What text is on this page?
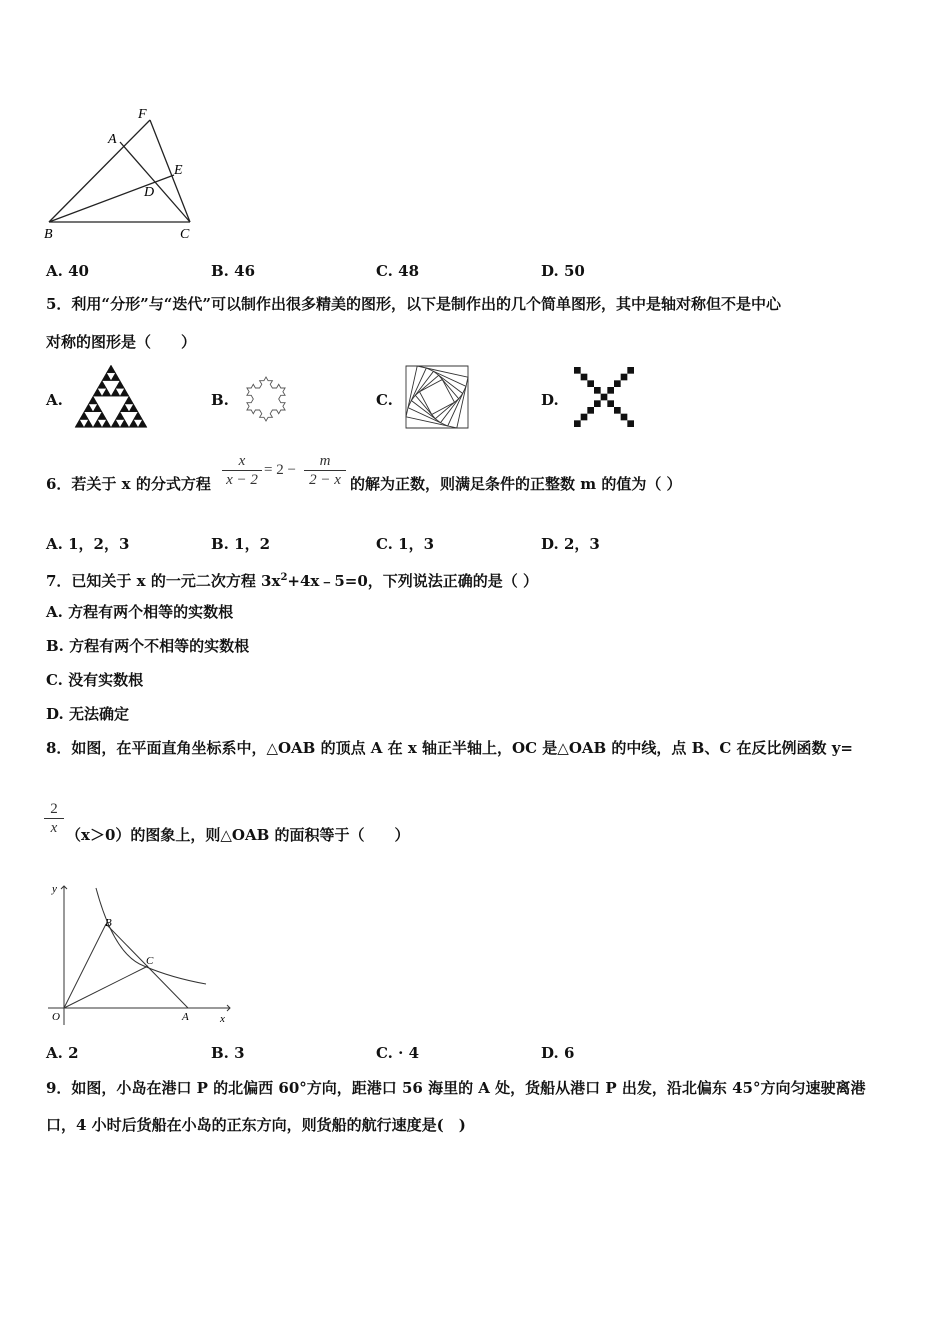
F
A
E
D
B	C
A. 40	B. 46	C. 48	D. 50
5．利用“分形”与“迭代”可以制作出很多精美的图形，以下是制作出的几个简单图形，其中是轴对称但不是中心
对称的图形是（　　）
A.	B.	C.	D.
6．若关于 x 的分式方程
x
x − 2
= 2 −
m
2 − x 的解为正数，则满足条件的正整数 m 的值为（ ）
A. 1，2，3	B. 1，2	C. 1，3	D. 2，3
7．已知关于 x 的一元二次方程 $3x^2+4x﹣5=0$，下列说法正确的是（ ）
A. 方程有两个相等的实数根
B. 方程有两个不相等的实数根
C. 没有实数根
D. 无法确定
8．如图，在平面直角坐标系中，△OAB 的顶点 A 在 x 轴正半轴上，OC 是△OAB 的中线，点 B、C 在反比例函数 y=
2
x （x＞0）的图象上，则△OAB 的面积等于（　　）
y
B
C
O	A	x
A. 2	B. 3	C. · 4	D. 6
9．如图，小岛在港口 P 的北偏西 60°方向，距港口 56 海里的 A 处，货船从港口 P 出发，沿北偏东 45°方向匀速驶离港
口，4 小时后货船在小岛的正东方向，则货船的航行速度是(　)
